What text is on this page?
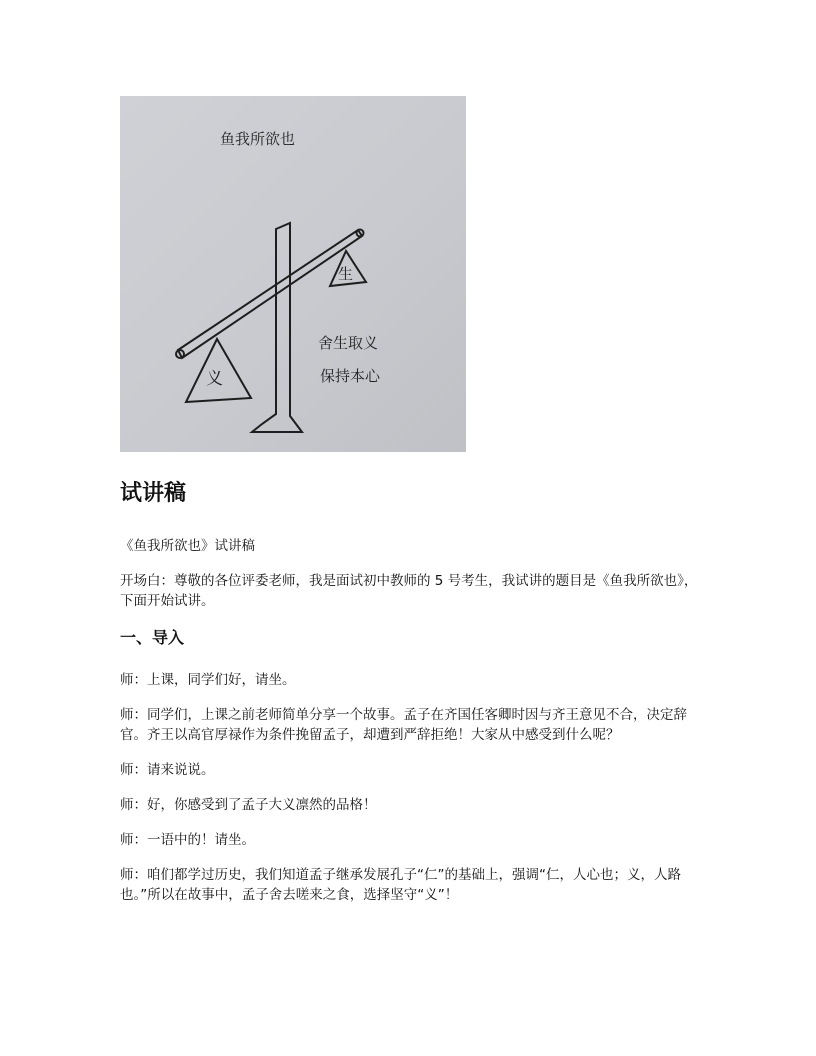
鱼我所欲也
生
义
舍生取义
保持本心
试讲稿

《鱼我所欲也》试讲稿

开场白：尊敬的各位评委老师，我是面试初中教师的 5 号考生，我试讲的题目是《鱼我所欲也》，下面开始试讲。

一、导入

师：上课，同学们好，请坐。

师：同学们，上课之前老师简单分享一个故事。孟子在齐国任客卿时因与齐王意见不合，决定辞官。齐王以高官厚禄作为条件挽留孟子，却遭到严辞拒绝！大家从中感受到什么呢？

师：请来说说。

师：好，你感受到了孟子大义凛然的品格！

师：一语中的！请坐。

师：咱们都学过历史，我们知道孟子继承发展孔子“仁”的基础上，强调“仁，人心也；义，人路也。”所以在故事中，孟子舍去嗟来之食，选择坚守“义”！
